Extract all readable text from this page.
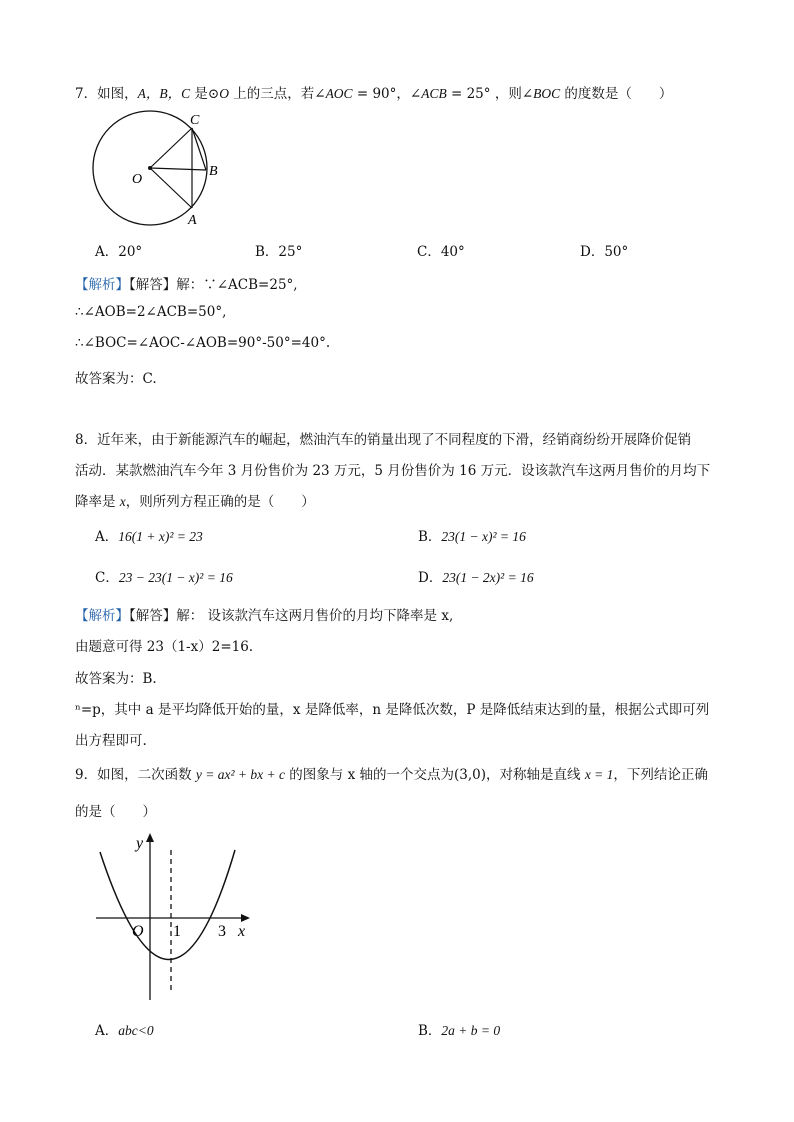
7．如图，A，B，C 是⊙O 上的三点，若∠AOC = 90°，∠ACB = 25° ，则∠BOC 的度数是（　　）
C
O
B
A
A．20°	B．25°	C．40°	D．50°
【解析】【解答】解：∵∠ACB=25°,
∴∠AOB=2∠ACB=50°,
∴∠BOC=∠AOC-∠AOB=90°-50°=40°.
故答案为：C.
8．近年来，由于新能源汽车的崛起，燃油汽车的销量出现了不同程度的下滑，经销商纷纷开展降价促销
活动．某款燃油汽车今年 3 月份售价为 23 万元，5 月份售价为 16 万元．设该款汽车这两月售价的月均下
降率是 x，则所列方程正确的是（　　）
A．16(1 + x)² = 23	B．23(1 − x)² = 16
C．23 − 23(1 − x)² = 16	D．23(1 − 2x)² = 16
【解析】【解答】解： 设该款汽车这两月售价的月均下降率是 x,
由题意可得 23（1-x）2=16.
故答案为：B.
ⁿ=p，其中 a 是平均降低开始的量，x 是降低率，n 是降低次数，P 是降低结束达到的量，根据公式即可列
出方程即可.
9．如图，二次函数 y = ax² + bx + c 的图象与 x 轴的一个交点为(3,0)，对称轴是直线 x = 1，下列结论正确
的是（　　）
y
O 1 3 x
A．abc<0	B．2a + b = 0
